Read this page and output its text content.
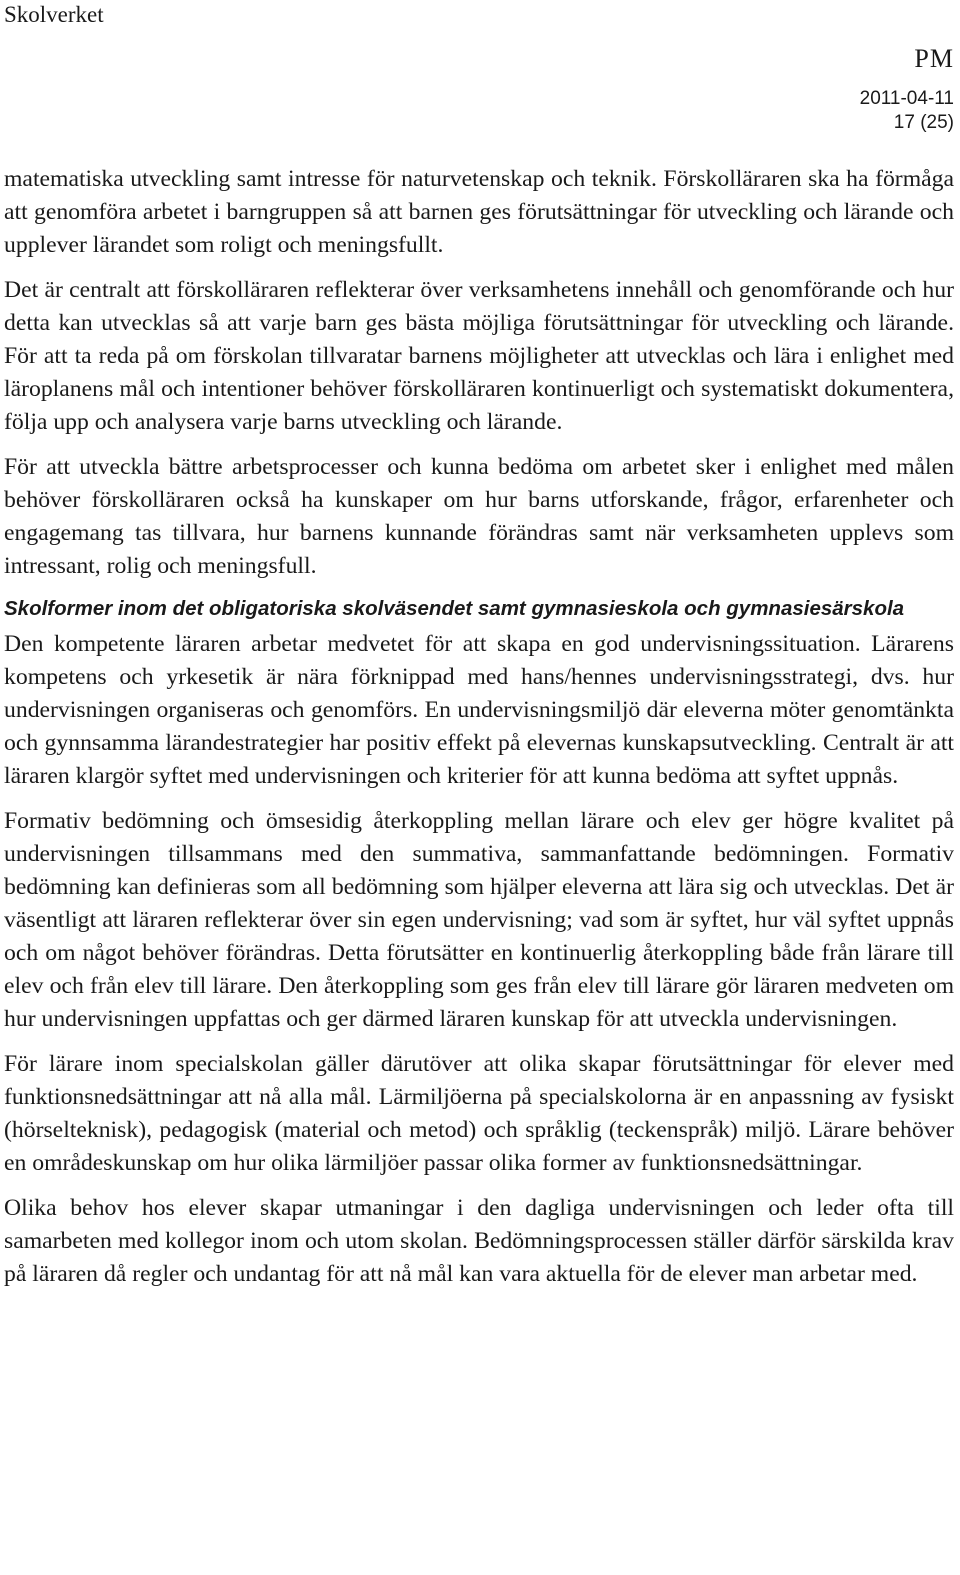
Skolverket
PM
2011-04-11
17 (25)

matematiska utveckling samt intresse för naturvetenskap och teknik. Förskolläraren ska ha förmåga att genomföra arbetet i barngruppen så att barnen ges förutsättningar för utveckling och lärande och upplever lärandet som roligt och meningsfullt.

Det är centralt att förskolläraren reflekterar över verksamhetens innehåll och genomförande och hur detta kan utvecklas så att varje barn ges bästa möjliga förutsättningar för utveckling och lärande. För att ta reda på om förskolan tillvaratar barnens möjligheter att utvecklas och lära i enlighet med läroplanens mål och intentioner behöver förskolläraren kontinuerligt och systematiskt dokumentera, följa upp och analysera varje barns utveckling och lärande.

För att utveckla bättre arbetsprocesser och kunna bedöma om arbetet sker i enlighet med målen behöver förskolläraren också ha kunskaper om hur barns utforskande, frågor, erfarenheter och engagemang tas tillvara, hur barnens kunnande förändras samt när verksamheten upplevs som intressant, rolig och meningsfull.

Skolformer inom det obligatoriska skolväsendet samt gymnasieskola och gymnasiesärskola

Den kompetente läraren arbetar medvetet för att skapa en god undervisningssituation. Lärarens kompetens och yrkesetik är nära förknippad med hans/hennes undervisningsstrategi, dvs. hur undervisningen organiseras och genomförs. En undervisningsmiljö där eleverna möter genomtänkta och gynnsamma lärandestrategier har positiv effekt på elevernas kunskapsutveckling. Centralt är att läraren klargör syftet med undervisningen och kriterier för att kunna bedöma att syftet uppnås.

Formativ bedömning och ömsesidig återkoppling mellan lärare och elev ger högre kvalitet på undervisningen tillsammans med den summativa, sammanfattande bedömningen. Formativ bedömning kan definieras som all bedömning som hjälper eleverna att lära sig och utvecklas. Det är väsentligt att läraren reflekterar över sin egen undervisning; vad som är syftet, hur väl syftet uppnås och om något behöver förändras. Detta förutsätter en kontinuerlig återkoppling både från lärare till elev och från elev till lärare. Den återkoppling som ges från elev till lärare gör läraren medveten om hur undervisningen uppfattas och ger därmed läraren kunskap för att utveckla undervisningen.

För lärare inom specialskolan gäller därutöver att olika skapar förutsättningar för elever med funktionsnedsättningar att nå alla mål. Lärmiljöerna på specialskolorna är en anpassning av fysiskt (hörselteknisk), pedagogisk (material och metod) och språklig (teckenspråk) miljö. Lärare behöver en områdeskunskap om hur olika lärmiljöer passar olika former av funktionsnedsättningar.

Olika behov hos elever skapar utmaningar i den dagliga undervisningen och leder ofta till samarbeten med kollegor inom och utom skolan. Bedömningsprocessen ställer därför särskilda krav på läraren då regler och undantag för att nå mål kan vara aktuella för de elever man arbetar med.
